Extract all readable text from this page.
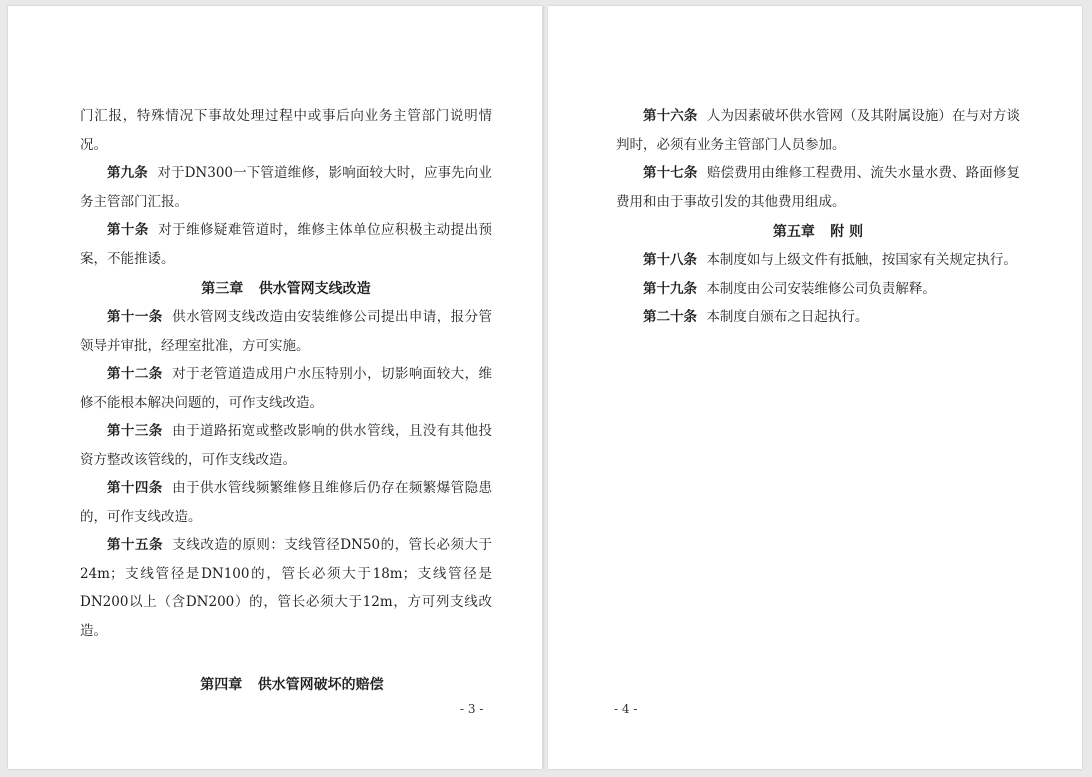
门汇报，特殊情况下事故处理过程中或事后向业务主管部门说明情况。

第九条 对于DN300一下管道维修，影响面较大时，应事先向业务主管部门汇报。

第十条 对于维修疑难管道时，维修主体单位应积极主动提出预案，不能推诿。

第三章 供水管网支线改造

第十一条 供水管网支线改造由安装维修公司提出申请，报分管领导并审批，经理室批准，方可实施。

第十二条 对于老管道造成用户水压特别小，切影响面较大，维修不能根本解决问题的，可作支线改造。

第十三条 由于道路拓宽或整改影响的供水管线，且没有其他投资方整改该管线的，可作支线改造。

第十四条 由于供水管线频繁维修且维修后仍存在频繁爆管隐患的，可作支线改造。

第十五条 支线改造的原则：支线管径DN50的，管长必须大于24m；支线管径是DN100的，管长必须大于18m；支线管径是DN200以上（含DN200）的，管长必须大于12m，方可列支线改造。

第四章 供水管网破坏的赔偿
- 3 -

第十六条 人为因素破坏供水管网（及其附属设施）在与对方谈判时，必须有业务主管部门人员参加。

第十七条 赔偿费用由维修工程费用、流失水量水费、路面修复费用和由于事故引发的其他费用组成。

第五章 附 则

第十八条 本制度如与上级文件有抵触，按国家有关规定执行。

第十九条 本制度由公司安装维修公司负责解释。

第二十条 本制度自颁布之日起执行。

- 4 -
